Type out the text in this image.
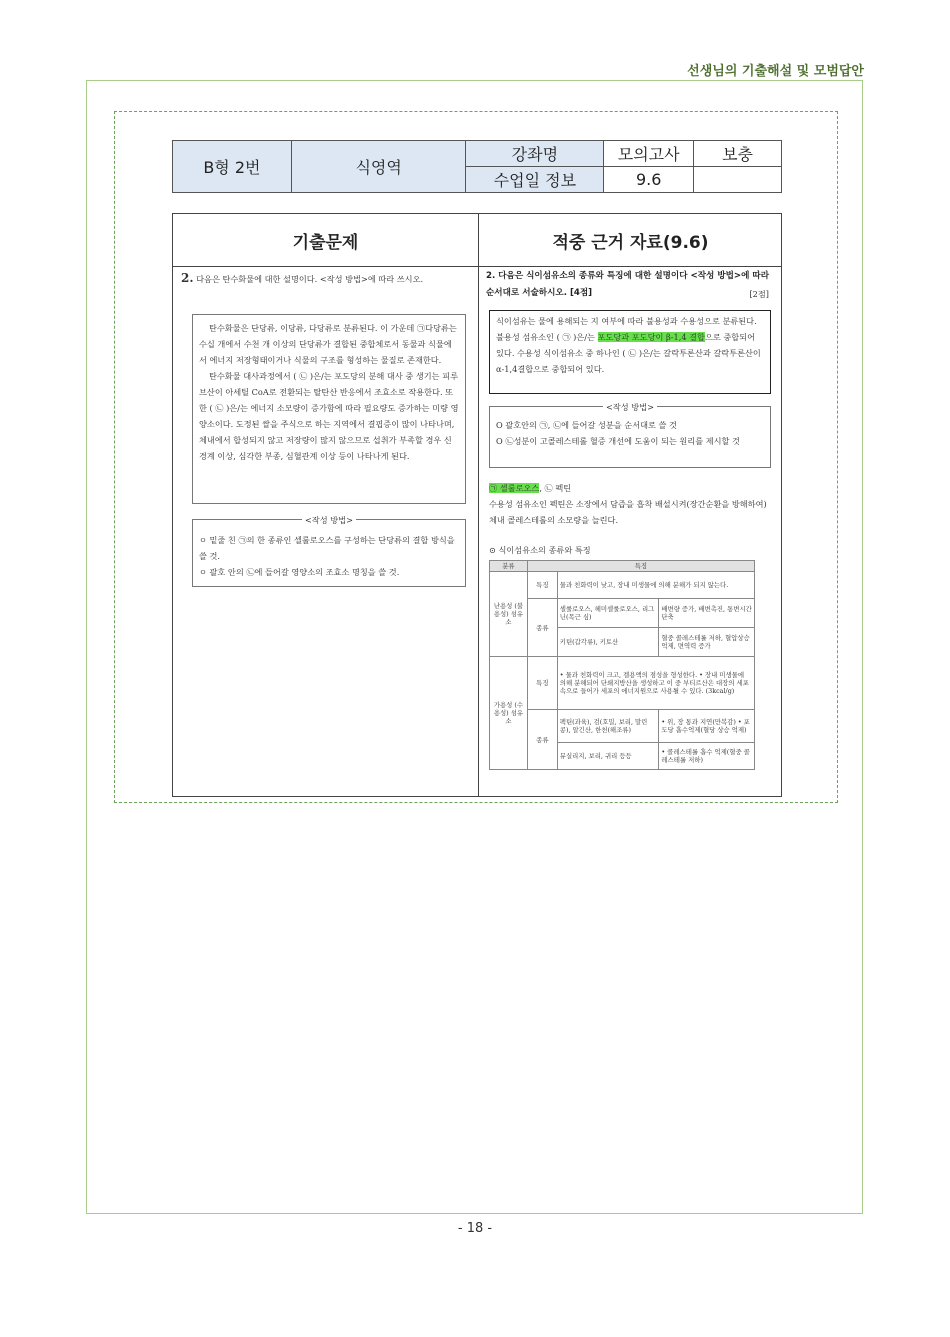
선생님의 기출해설 및 모범답안
B형 2번	식영역	강좌명	모의고사	보충
		수업일 정보	9.6	
기출문제	적중 근거 자료(9.6)
2. 다음은 탄수화물에 대한 설명이다. <작성 방법>에 따라 쓰시오.
[2점]

탄수화물은 단당류, 이당류, 다당류로 분류된다. 이 가운데 ㉠다당류는 수십 개에서 수천 개 이상의 단당류가 결합된 중합체로서 동물과 식물에서 에너지 저장형태이거나 식물의 구조를 형성하는 물질로 존재한다.

탄수화물 대사과정에서 ( ㉡ )은/는 포도당의 분해 대사 중 생기는 피루브산이 아세틸 CoA로 전환되는 탈탄산 반응에서 조효소로 작용한다. 또한 ( ㉡ )은/는 에너지 소모량이 증가함에 따라 필요량도 증가하는 미량 영양소이다. 도정된 쌀을 주식으로 하는 지역에서 결핍증이 많이 나타나며, 체내에서 합성되지 않고 저장량이 많지 않으므로 섭취가 부족할 경우 신경계 이상, 심각한 부종, 심혈관계 이상 등이 나타나게 된다.

<작성 방법>
ㅇ 밑줄 친 ㉠의 한 종류인 셀룰로오스를 구성하는 단당류의 결합 방식을 쓸 것.
ㅇ 괄호 안의 ㉡에 들어갈 영양소의 조효소 명칭을 쓸 것.
2. 다음은 식이섬유소의 종류와 특징에 대한 설명이다 <작성 방법>에 따라 순서대로 서술하시오. [4점]
식이섬유는 물에 용해되는 지 여부에 따라 불용성과 수용성으로 분류된다. 불용성 섬유소인 ( ㉠ )은/는 포도당과 포도당이 β-1,4 결합으로 중합되어 있다. 수용성 식이섬유소 중 하나인 ( ㉡ )은/는 갈락투론산과 갈락투론산이 α-1,4결합으로 중합되어 있다.
<작성 방법>
O 괄호안의 ㉠, ㉡에 들어갈 성분을 순서대로 쓸 것
O ㉡성분이 고콜레스테롤 혈증 개선에 도움이 되는 원리를 제시할 것
㉠ 셀룰로오스, ㉡ 펙틴
수용성 섬유소인 펙틴은 소장에서 담즙을 흡착 배설시켜(장간순환을 방해하여) 체내 콜레스테롤의 소모량을 늘린다.
⊙ 식이섬유소의 종류와 특징
분류	특징		
난용성 (불용성) 섬유소	특징	물과 친화력이 낮고, 장내 미생물에 의해 분해가 되지 않는다.	
	종류	셀룰로오스, 헤미셀룰로오스, 리그닌(목근 심)	배변량 증가, 배변촉진, 통변시간 단축
		키틴(갑각류), 키토산	혈중 콜레스테롤 저하, 혈압상승 억제, 면역력 증가
가용성 (수용성) 섬유소	특징	• 물과 친화력이 크고, 겔용액의 점성을 형성한다. • 장내 미생물에 의해 분해되어 단쇄지방산을 생성하고 이 중 부티르산은 대장의 세포 속으로 들어가 세포의 에너지원으로 사용될 수 있다. (3kcal/g)	
	종류	펙틴(과육), 검(호밀, 보리, 말린 콩), 알긴산, 한천(해조류)	• 위, 장 통과 지연(만복감) • 포도당 흡수억제(혈당 상승 억제)
		뮤실리지, 보리, 귀리 등등	• 콜레스테롤 흡수 억제(혈중 콜레스테롤 저하)
- 18 -
